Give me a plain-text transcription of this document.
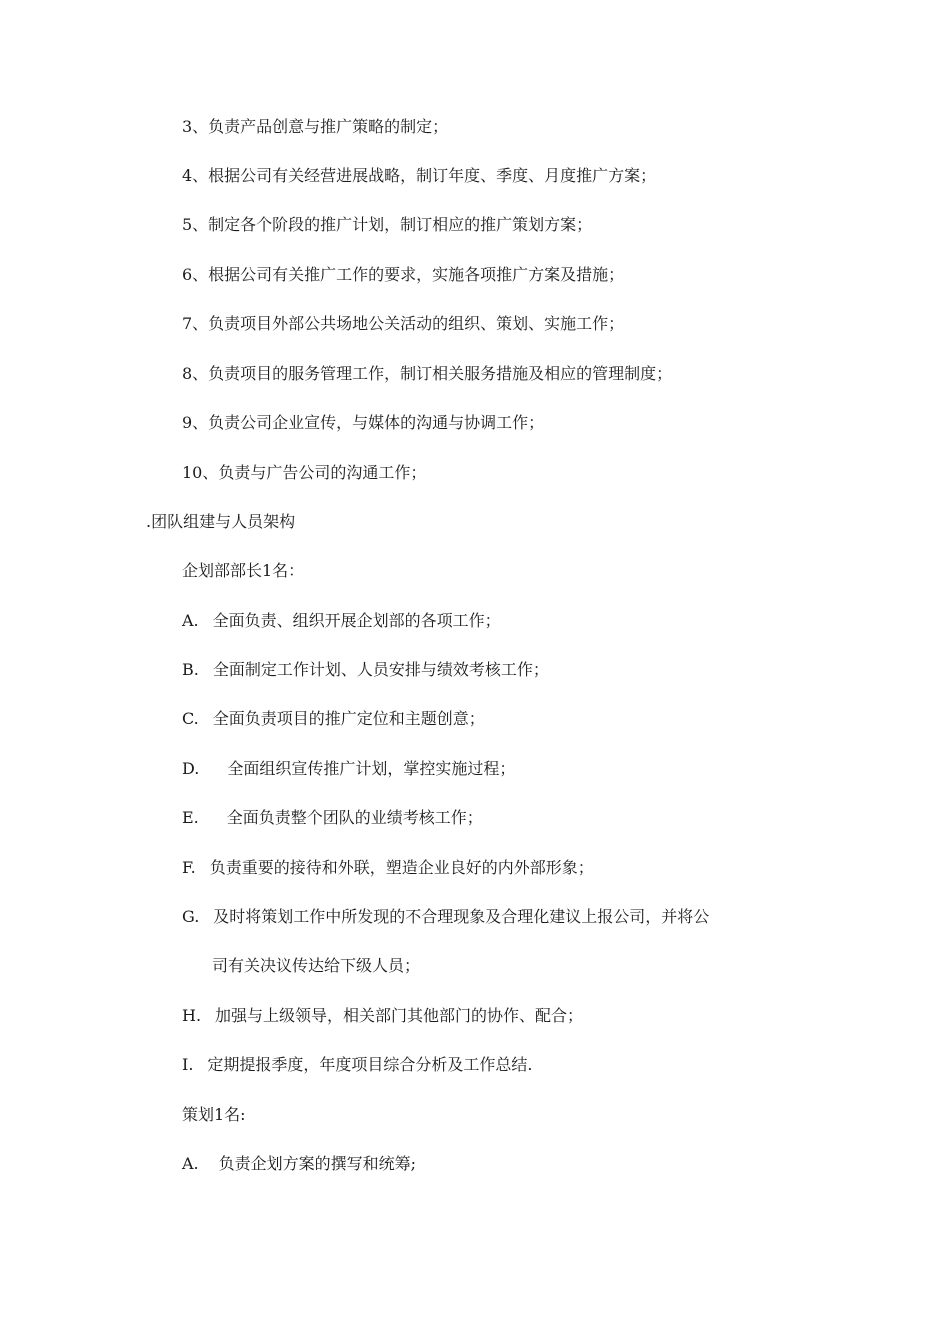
3、负责产品创意与推广策略的制定；
4、根据公司有关经营进展战略，制订年度、季度、月度推广方案；
5、制定各个阶段的推广计划，制订相应的推广策划方案；
6、根据公司有关推广工作的要求，实施各项推广方案及措施；
7、负责项目外部公共场地公关活动的组织、策划、实施工作；
8、负责项目的服务管理工作，制订相关服务措施及相应的管理制度；
9、负责公司企业宣传，与媒体的沟通与协调工作；
10、负责与广告公司的沟通工作；
.团队组建与人员架构
企划部部长1名：
A. 全面负责、组织开展企划部的各项工作；
B. 全面制定工作计划、人员安排与绩效考核工作；
C. 全面负责项目的推广定位和主题创意；
D. 全面组织宣传推广计划，掌控实施过程；
E. 全面负责整个团队的业绩考核工作；
F. 负责重要的接待和外联，塑造企业良好的内外部形象；
G. 及时将策划工作中所发现的不合理现象及合理化建议上报公司，并将公
司有关决议传达给下级人员；
H. 加强与上级领导，相关部门其他部门的协作、配合；
I. 定期提报季度，年度项目综合分析及工作总结.
策划1名:
A. 负责企划方案的撰写和统筹;
